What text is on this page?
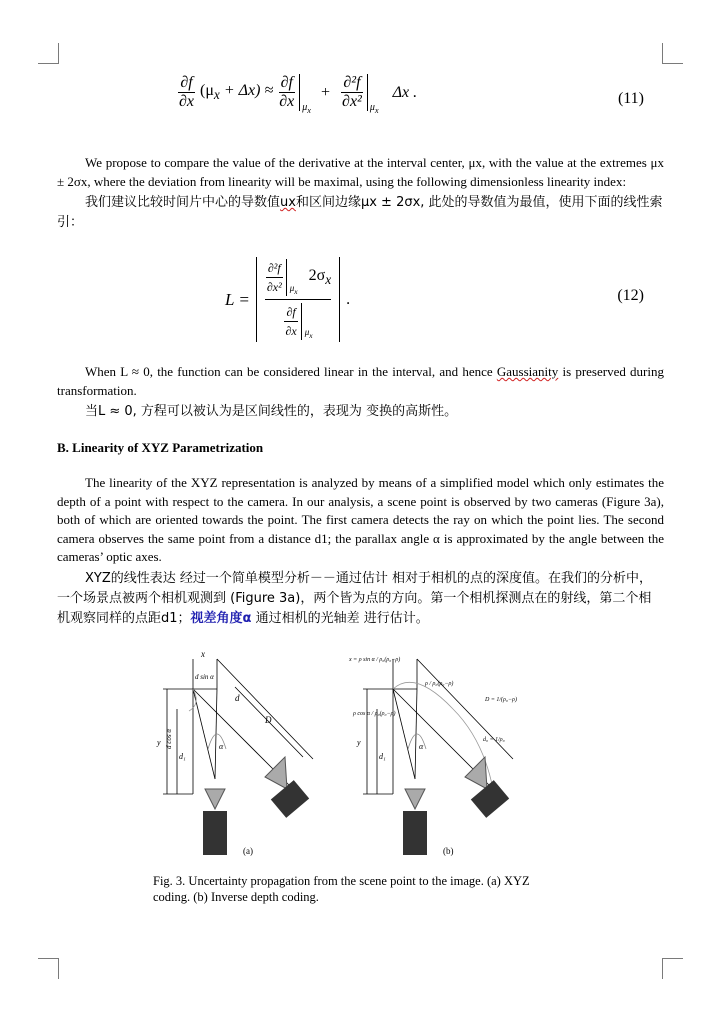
$\frac{\partial f}{\partial x} (\mu_x + \Delta x) \approx \frac{\partial f}{\partial x} \mu_x$
+ $\frac{\text{∂²f}}{\text{∂x²}} \mu_x$
Δx .	(11)

We propose to compare the value of the derivative at the interval center, μx, with the value at the extremes μx ± 2σx, where the deviation from linearity will be maximal, using the following dimensionless linearity index:

我们建议比较时间片中心的导数值ux和区间边缘μx ± 2σx, 此处的导数值为最值，使用下面的线性索引：

$L = \frac{\text{∂²f}}{\text{∂x²}} \mu_x$
$2\sigma_x$
$\frac{\partial f}{\partial x} \mu_x$ .	(12)

When L ≈ 0, the function can be considered linear in the interval, and hence Gaussianity is preserved during transformation.

当L ≈ 0, 方程可以被认为是区间线性的，表现为 变换的高斯性。

B. Linearity of XYZ Parametrization

The linearity of the XYZ representation is analyzed by means of a simplified model which only estimates the depth of a point with respect to the camera. In our analysis, a scene point is observed by two cameras (Figure 3a), both of which are oriented towards the point. The first camera detects the ray on which the point lies. The second camera observes the same point from a distance d1; the parallax angle α is approximated by the angle between the cameras’ optic axes.

XYZ的线性表达 经过一个简单模型分析－－通过估计 相对于相机的点的深度值。在我们的分析中，一个场景点被两个相机观测到 (Figure 3a)，两个皆为点的方向。第一个相机探测点在的射线，第二个相机观察同样的点距d1；视差角度α 通过相机的光轴差 进行估计。

x
d sin α
d cos α
d
D
d₁
y	α
(a)
x = ρ sin α / ρ₀(ρ₀−ρ)
ρ / ρ₀(ρ₀−ρ)
D = 1/(ρ₀−ρ)
ρ cos α / ρ₀(ρ₀−ρ)
d₀ = 1/ρ₀
d₁
y	α
(b)

Fig. 3. Uncertainty propagation from the scene point to the image. (a) XYZ
coding. (b) Inverse depth coding.
